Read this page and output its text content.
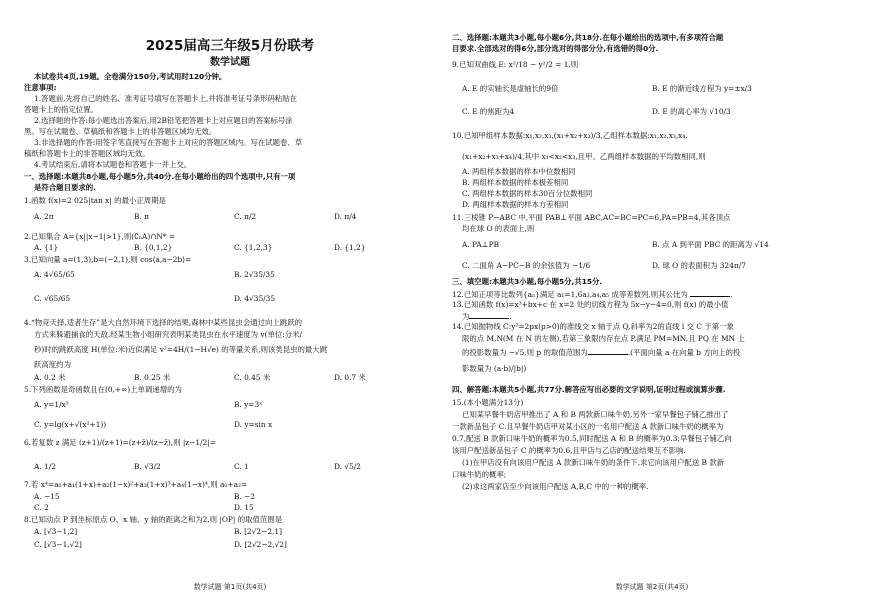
2025届高三年级5月份联考
数学试题
本试卷共4页,19题。全卷满分150分,考试用时120分钟。
注意事项:
1.答题前,先将自己的姓名、准考证号填写在答题卡上,并将准考证号条形码粘贴在
答题卡上的指定位置。
2.选择题的作答:每小题选出答案后,用2B铅笔把答题卡上对应题目的答案标号涂
黑。写在试题卷、草稿纸和答题卡上的非答题区域均无效。
3.非选择题的作答:用签字笔直接写在答题卡上对应的答题区域内。写在试题卷、草
稿纸和答题卡上的非答题区域均无效。
4.考试结束后,请将本试题卷和答题卡一并上交。
一、选择题:本题共8小题,每小题5分,共40分.在每小题给出的四个选项中,只有一项
是符合题目要求的.
1.函数 f(x)=2 025|tan x| 的最小正周期是
A. 2π	B. π	C. π/2	D. π/4
2.已知集合 A={x||x−1|>1},则(∁ₙA)∩N* =
A. {1}	B. {0,1,2}	C. {1,2,3}	D. {1,2}
3.已知向量 a=(1,3),b=(−2,1),则 cos⟨a,a−2b⟩=
A. 4√65/65	B. 2√35/35
C. √65/65	D. 4√35/35
4.“物竞天择,适者生存”是大自然环境下选择的结果,森林中某些昆虫会通过向上跳跃的
方式来躲避捕食的天敌.经某生物小组研究表明某类昆虫在水平速度为 v(单位:分米/
秒)时的跳跃高度 H(单位:米)近似满足 v²=4H/(1−H√e) 的等量关系,则该类昆虫的最大跳
跃高度约为
A. 0.2 米	B. 0.25 米	C. 0.45 米	D. 0.7 米
5.下列函数是奇函数且在(0,+∞)上单调递增的为
A. y=1/x³	B. y=3ˣ
C. y=lg(x+√(x²+1))	D. y=sin x
6.若复数 z 满足 (z+1)/(z+1)=(z+z̄)/(z−z̄),则 |z−1/2|=
A. 1/2	B. √3/2	C. 1	D. √5/2
7.若 x⁴=a₀+a₁(1+x)+a₂(1−x)²+a₃(1+x)³+a₄(1−x)⁴,则 a₀+a₂=
A. −15	B. −2
C. 2	D. 15
8.已知动点 P 到坐标原点 O、x 轴、y 轴的距离之和为2,则 |OP| 的取值范围是
A. [√3−1,2]	B. [2√2−2,1]
C. [√3−1,√2]	D. [2√2−2,√2]
数学试题 第1页(共4页)
二、选择题:本题共3小题,每小题6分,共18分.在每小题给出的选项中,有多项符合题
目要求.全部选对的得6分,部分选对的得部分分,有选错的得0分.
9.已知双曲线 E: x²/18 − y²/2 = 1,则
A. E 的实轴长是虚轴长的9倍	B. E 的渐近线方程为 y=±x/3
C. E 的焦距为4	D. E 的离心率为 √10/3
10.已知甲组样本数据:x₁,x₂,x₃,(x₁+x₂+x₃)/3,乙组样本数据:x₁,x₂,x₃,x₄,
(x₁+x₂+x₃+x₄)/4,其中 x₁<x₂<x₃,且甲、乙两组样本数据的平均数相同,则
A. 两组样本数据的样本中位数相同
B. 两组样本数据的样本极差相同
C. 两组样本数据的样本30百分位数相同
D. 两组样本数据的样本方差相同
11.三棱锥 P−ABC 中,平面 PAB⊥平面 ABC,AC=BC=PC=6,PA=PB=4,其各顶点
均在球 O 的表面上,则
A. PA⊥PB	B. 点 A 到平面 PBC 的距离为 √14
C. 二面角 A−PC−B 的余弦值为 −1/6	D. 球 O 的表面积为 324π/7
三、填空题:本题共3小题,每小题5分,共15分.
12.已知正项等比数列{aₙ}满足 a₁=1,6a₃,a₄,a₅ 成等差数列,则其公比为	.
13.已知函数 f(x)=x³+bx+c 在 x=2 处的切线方程为 5x−y−4=0,则 f(x) 的最小值
为	.
14.已知抛物线 C:y²=2px(p>0)的准线交 x 轴于点 Q,斜率为2的直线 l 交 C 于第一象
限的点 M,N(M 在 N 的左侧),若第三象限内存在点 P,满足 PM=MN,且 PQ 在 MN 上
的投影数量为 −√5,则 p 的取值范围为	.(平面向量 a 在向量 b 方向上的投
影数量为 (a·b)/|b|)
四、解答题:本题共5小题,共77分.解答应写出必要的文字说明,证明过程或演算步骤.
15.(本小题满分13分)
已知某早餐牛奶店甲推出了 A 和 B 两款新口味牛奶,另外一家早餐包子铺乙推出了
一款新品包子 C.且早餐牛奶店甲对某小区的一名用户配送 A 款新口味牛奶的概率为
0.7,配送 B 款新口味牛奶的概率为0.5,同时配送 A 和 B 的概率为0.3;早餐包子铺乙向
该用户配送新品包子 C 的概率为0.6,且甲店与乙店的配送结果互不影响.
(1)在甲店没有向该用户配送 A 款新口味牛奶的条件下,求它向该用户配送 B 款新
口味牛奶的概率;
(2)求这两家店至少向该用户配送 A,B,C 中的一种的概率.
数学试题 第2页(共4页)
